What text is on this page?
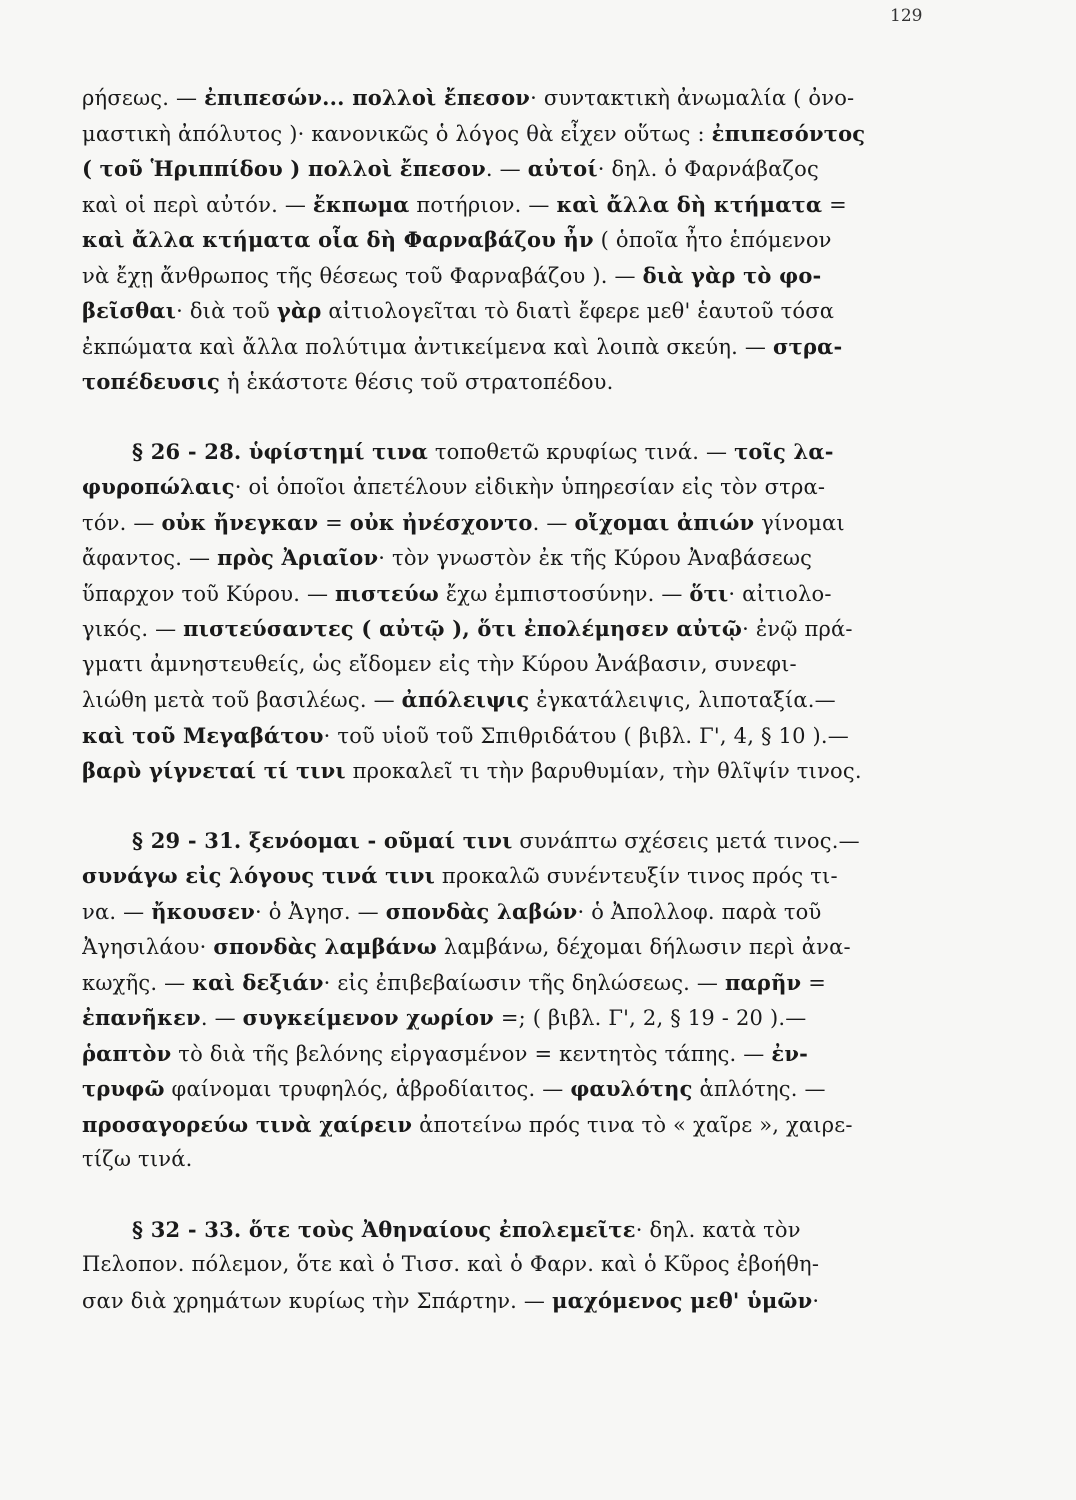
129
ρήσεως. — ἐπιπεσών... πολλοὶ ἔπεσον· συντακτικὴ ἀνωμαλία ( ὀνο-
μαστικὴ ἀπόλυτος )· κανονικῶς ὁ λόγος θὰ εἶχεν οὕτως : ἐπιπεσόντος
( τοῦ Ἡριππίδου ) πολλοὶ ἔπεσον. — αὐτοί· δηλ. ὁ Φαρνάβαζος
καὶ οἱ περὶ αὐτόν. — ἔκπωμα ποτήριον. — καὶ ἄλλα δὴ κτήματα =
καὶ ἄλλα κτήματα οἷα δὴ Φαρναβάζου ἦν ( ὁποῖα ἦτο ἑπόμενον
νὰ ἔχῃ ἄνθρωπος τῆς θέσεως τοῦ Φαρναβάζου ). — διὰ γὰρ τὸ φο-
βεῖσθαι· διὰ τοῦ γὰρ αἰτιολογεῖται τὸ διατὶ ἔφερε μεθ' ἑαυτοῦ τόσα
ἐκπώματα καὶ ἄλλα πολύτιμα ἀντικείμενα καὶ λοιπὰ σκεύη. — στρα-
τοπέδευσις ἡ ἑκάστοτε θέσις τοῦ στρατοπέδου.
§ 26 - 28. ὑφίστημί τινα τοποθετῶ κρυφίως τινά. — τοῖς λα-
φυροπώλαις· οἱ ὁποῖοι ἀπετέλουν εἰδικὴν ὑπηρεσίαν εἰς τὸν στρα-
τόν. — οὐκ ἤνεγκαν = οὐκ ἠνέσχοντο. — οἴχομαι ἀπιών γίνομαι
ἄφαντος. — πρὸς Ἀριαῖον· τὸν γνωστὸν ἐκ τῆς Κύρου Ἀναβάσεως
ὕπαρχον τοῦ Κύρου. — πιστεύω ἔχω ἐμπιστοσύνην. — ὅτι· αἰτιολο-
γικός. — πιστεύσαντες ( αὐτῷ ), ὅτι ἐπολέμησεν αὐτῷ· ἐνῷ πρά-
γματι ἀμνηστευθείς, ὡς εἴδομεν εἰς τὴν Κύρου Ἀνάβασιν, συνεφι-
λιώθη μετὰ τοῦ βασιλέως. — ἀπόλειψις ἐγκατάλειψις, λιποταξία.—
καὶ τοῦ Μεγαβάτου· τοῦ υἱοῦ τοῦ Σπιθριδάτου ( βιβλ. Γ', 4, § 10 ).—
βαρὺ γίγνεταί τί τινι προκαλεῖ τι τὴν βαρυθυμίαν, τὴν θλῖψίν τινος.
§ 29 - 31. ξενόομαι - οῦμαί τινι συνάπτω σχέσεις μετά τινος.—
συνάγω εἰς λόγους τινά τινι προκαλῶ συνέντευξίν τινος πρός τι-
να. — ἤκουσεν· ὁ Ἀγησ. — σπονδὰς λαβών· ὁ Ἀπολλοφ. παρὰ τοῦ
Ἀγησιλάου· σπονδὰς λαμβάνω λαμβάνω, δέχομαι δήλωσιν περὶ ἀνα-
κωχῆς. — καὶ δεξιάν· εἰς ἐπιβεβαίωσιν τῆς δηλώσεως. — παρῆν =
ἐπανῆκεν. — συγκείμενον χωρίον =; ( βιβλ. Γ', 2, § 19 - 20 ).—
ῥαπτὸν τὸ διὰ τῆς βελόνης εἰργασμένον = κεντητὸς τάπης. — ἐν-
τρυφῶ φαίνομαι τρυφηλός, ἁβροδίαιτος. — φαυλότης ἁπλότης. —
προσαγορεύω τινὰ χαίρειν ἀποτείνω πρός τινα τὸ « χαῖρε », χαιρε-
τίζω τινά.
§ 32 - 33. ὅτε τοὺς Ἀθηναίους ἐπολεμεῖτε· δηλ. κατὰ τὸν
Πελοπον. πόλεμον, ὅτε καὶ ὁ Τισσ. καὶ ὁ Φαρν. καὶ ὁ Κῦρος ἐβοήθη-
σαν διὰ χρημάτων κυρίως τὴν Σπάρτην. — μαχόμενος μεθ' ὑμῶν·
